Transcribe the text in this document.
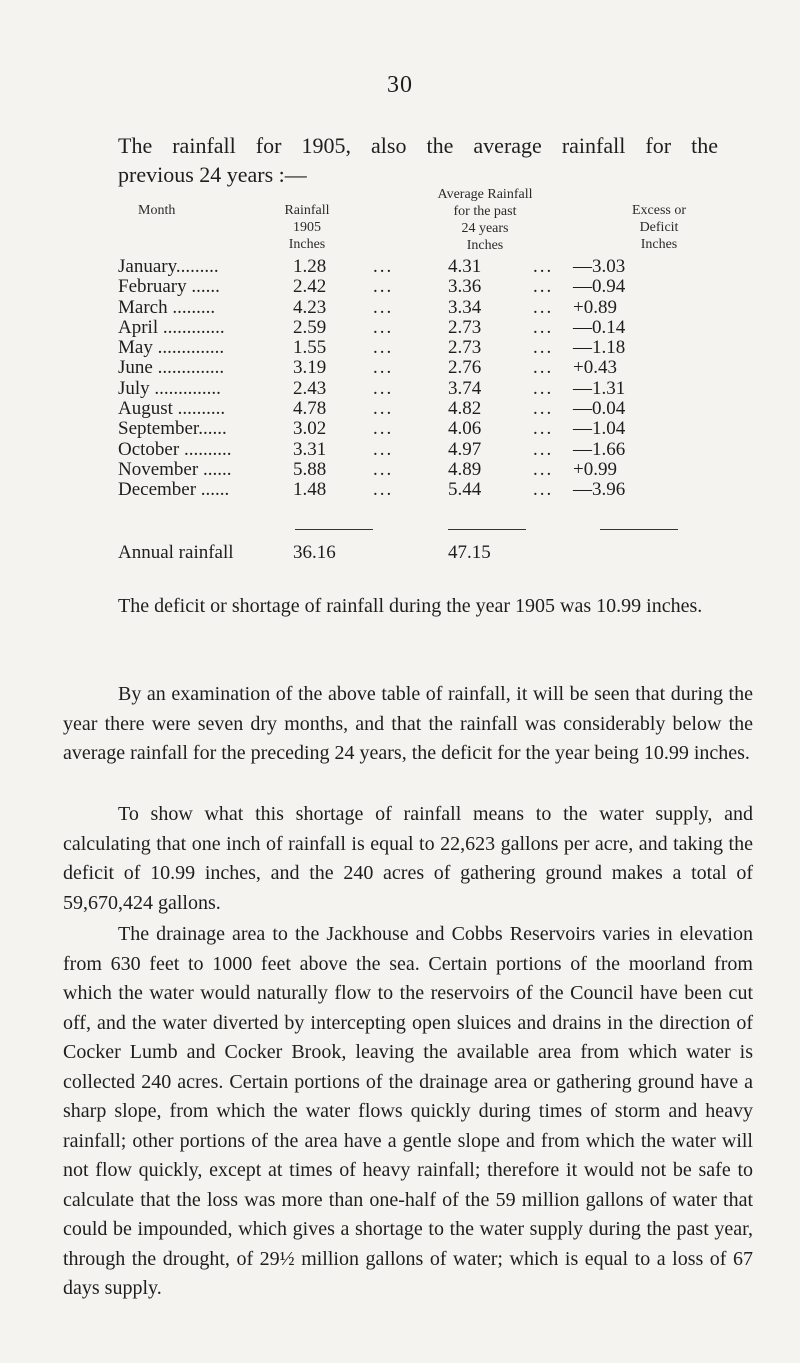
30
The rainfall for 1905, also the average rainfall for the
previous 24 years :—
Month	Rainfall
1905
Inches
Average Rainfall
for the past
24 years
Inches
Excess or
Deficit
Inches
January.........	1.28 ...	4.31	... —3.03
February ......	2.42 ...	3.36	... —0.94
March .........	4.23 ...	3.34	... +0.89
April .............	2.59 ...	2.73	... —0.14
May ..............	1.55 ...	2.73	... —1.18
June ..............	3.19 ...	2.76	... +0.43
July ..............	2.43 ...	3.74	... —1.31
August ..........	4.78 ...	4.82	... —0.04
September......	3.02 ...	4.06	... —1.04
October ..........	3.31 ...	4.97	... —1.66
November ......	5.88 ...	4.89	... +0.99
December ......	1.48 ...	5.44	... —3.96
Annual rainfall	36.16	47.15
The deficit or shortage of rainfall during the year 1905 was 10.99 inches.
By an examination of the above table of rainfall, it will be seen that during the year there were seven dry months, and that the rainfall was considerably below the average rainfall for the preceding 24 years, the deficit for the year being 10.99 inches.
To show what this shortage of rainfall means to the water supply, and calculating that one inch of rainfall is equal to 22,623 gallons per acre, and taking the deficit of 10.99 inches, and the 240 acres of gathering ground makes a total of 59,670,424 gallons.
The drainage area to the Jackhouse and Cobbs Reservoirs varies in elevation from 630 feet to 1000 feet above the sea. Certain portions of the moorland from which the water would naturally flow to the reservoirs of the Council have been cut off, and the water diverted by intercepting open sluices and drains in the direction of Cocker Lumb and Cocker Brook, leaving the available area from which water is collected 240 acres. Certain portions of the drainage area or gathering ground have a sharp slope, from which the water flows quickly during times of storm and heavy rainfall; other portions of the area have a gentle slope and from which the water will not flow quickly, except at times of heavy rainfall; therefore it would not be safe to calculate that the loss was more than one-half of the 59 million gallons of water that could be impounded, which gives a shortage to the water supply during the past year, through the drought, of 29½ million gallons of water; which is equal to a loss of 67 days supply.
